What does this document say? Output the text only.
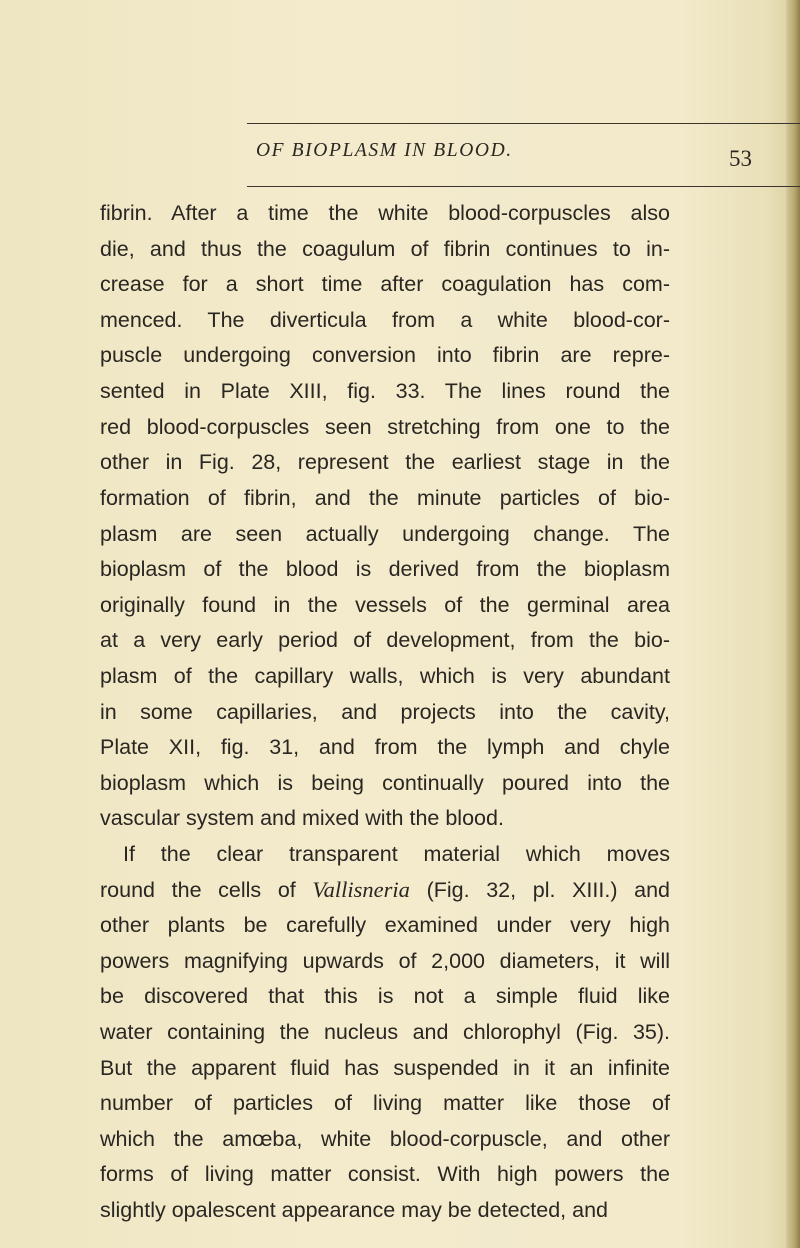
OF BIOPLASM IN BLOOD.	53
fibrin. After a time the white blood-corpuscles also
die, and thus the coagulum of fibrin continues to in-
crease for a short time after coagulation has com-
menced. The diverticula from a white blood-cor-
puscle undergoing conversion into fibrin are repre-
sented in Plate XIII, fig. 33. The lines round the
red blood-corpuscles seen stretching from one to the
other in Fig. 28, represent the earliest stage in the
formation of fibrin, and the minute particles of bio-
plasm are seen actually undergoing change. The
bioplasm of the blood is derived from the bioplasm
originally found in the vessels of the germinal area
at a very early period of development, from the bio-
plasm of the capillary walls, which is very abundant
in some capillaries, and projects into the cavity,
Plate XII, fig. 31, and from the lymph and chyle
bioplasm which is being continually poured into the
vascular system and mixed with the blood.
If the clear transparent material which moves
round the cells of Vallisneria (Fig. 32, pl. XIII.) and
other plants be carefully examined under very high
powers magnifying upwards of 2,000 diameters, it will
be discovered that this is not a simple fluid like
water containing the nucleus and chlorophyl (Fig. 35).
But the apparent fluid has suspended in it an infinite
number of particles of living matter like those of
which the amœba, white blood-corpuscle, and other
forms of living matter consist. With high powers the
slightly opalescent appearance may be detected, and
